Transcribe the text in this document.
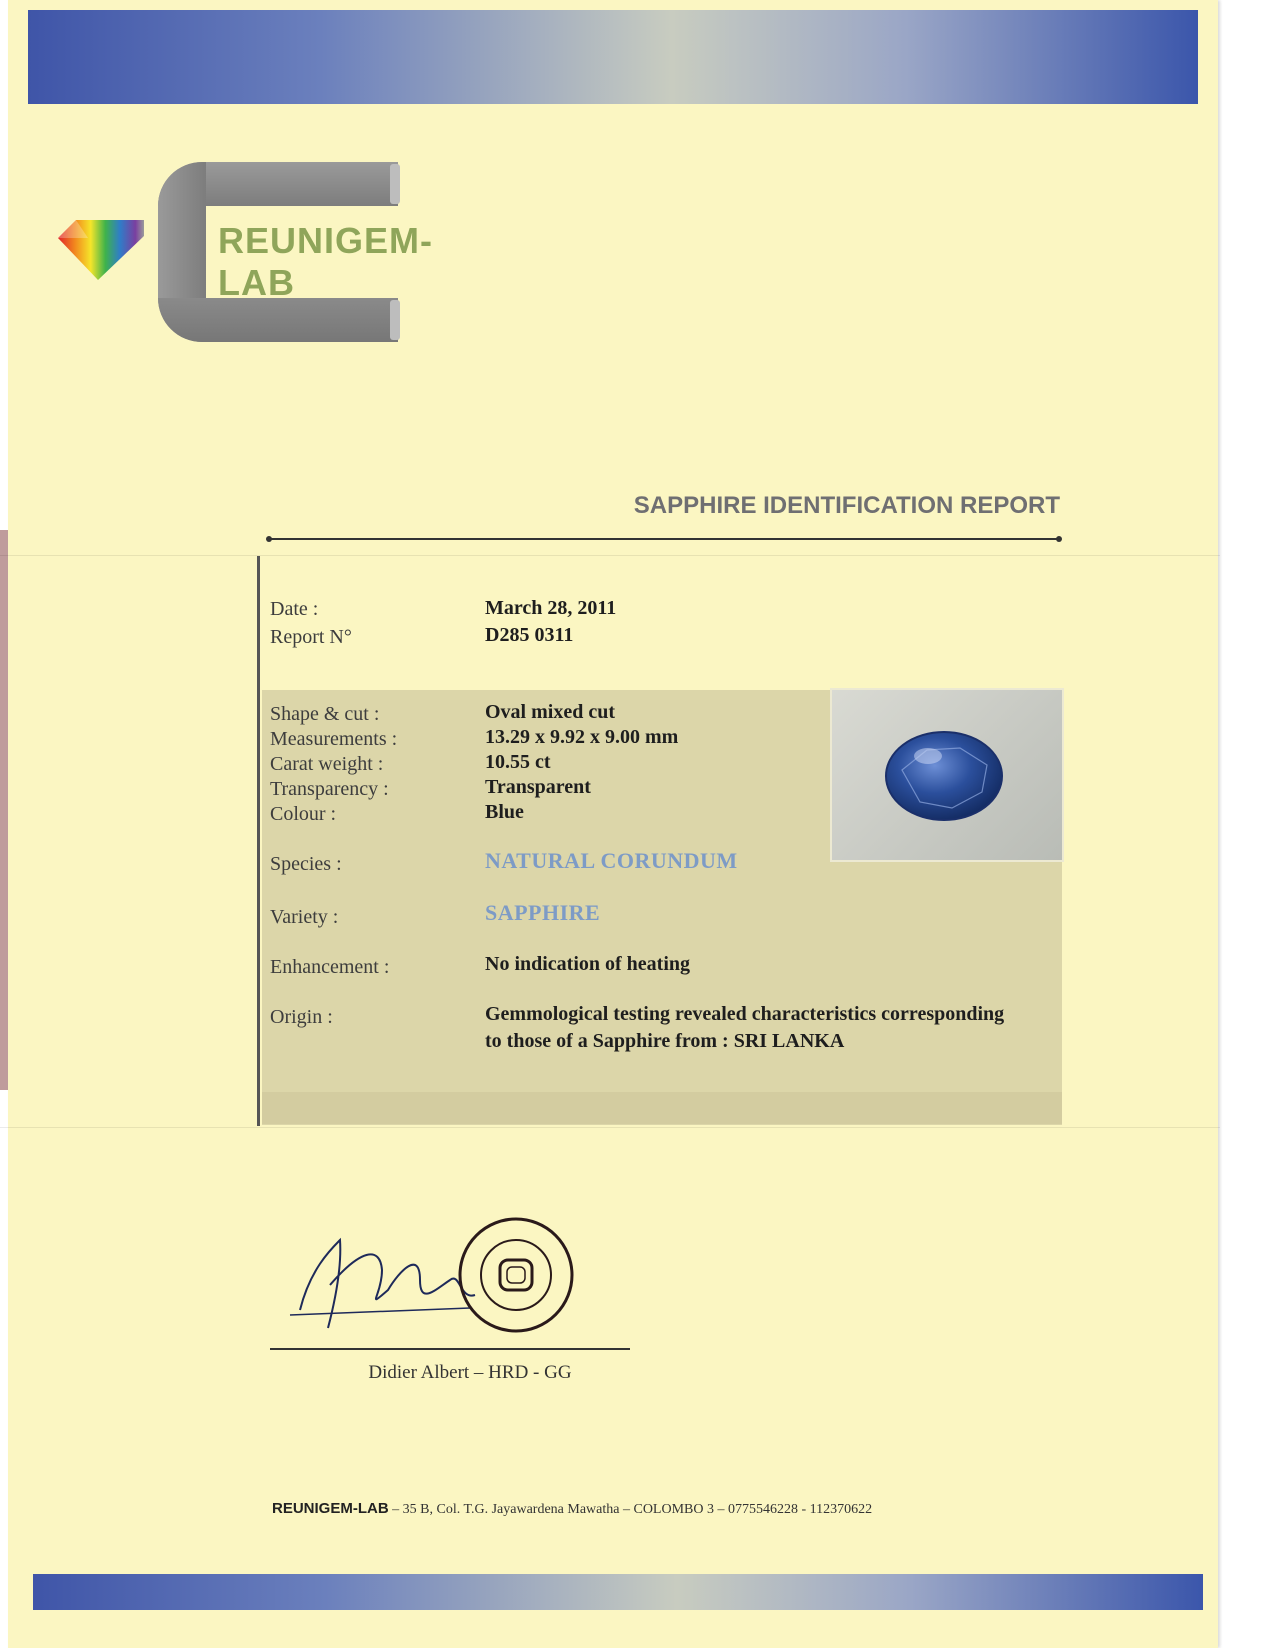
REUNIGEM-LAB
SAPPHIRE IDENTIFICATION REPORT
Date :	March 28, 2011
Report N°	D285 0311
Shape & cut :	Oval mixed cut
Measurements :	13.29 x 9.92 x 9.00 mm
Carat weight :	10.55 ct
Transparency :	Transparent
Colour :	Blue
Species :	NATURAL CORUNDUM
Variety :	SAPPHIRE
Enhancement :	No indication of heating
Origin :	Gemmological testing revealed characteristics corresponding
to those of a Sapphire from : SRI LANKA
Didier Albert – HRD - GG
REUNIGEM-LAB – 35 B, Col. T.G. Jayawardena Mawatha – COLOMBO 3 – 0775546228 - 112370622
